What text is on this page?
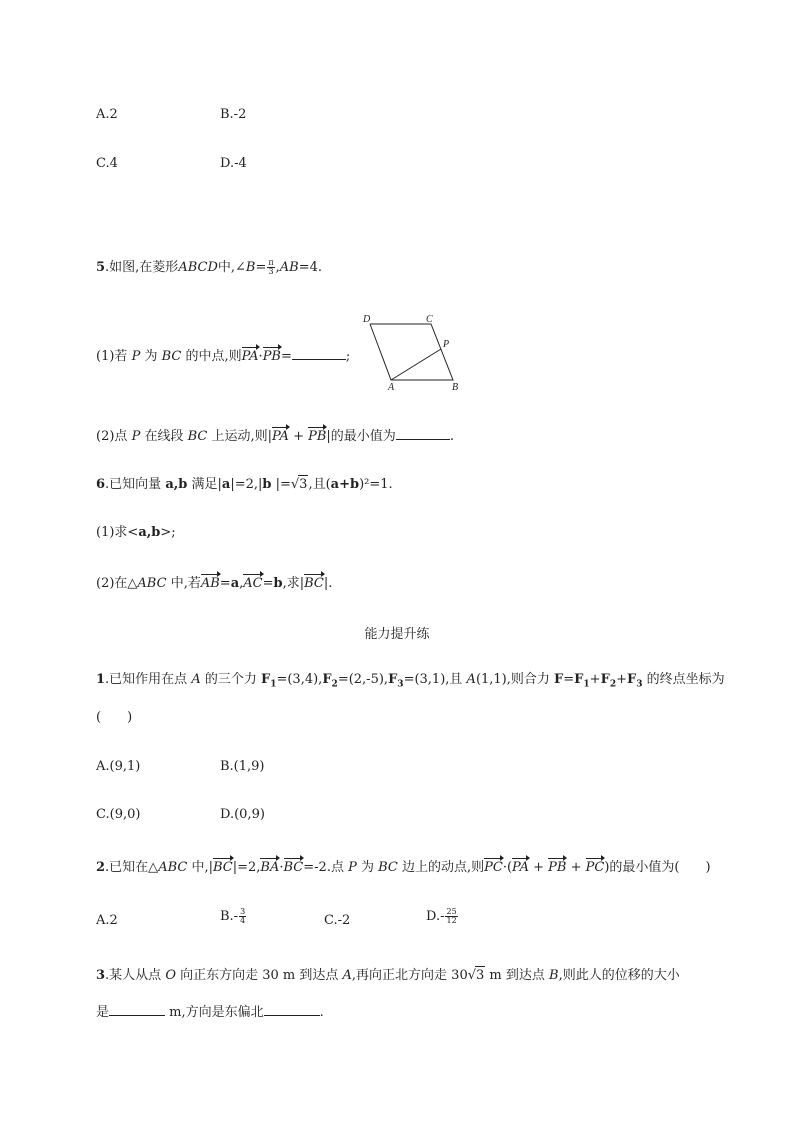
A.2	B.-2
C.4	D.-4
5.如图,在菱形ABCD中,∠B= $\frac{\pi}{3} ,AB=4$.
(1)若 P 为 BC 的中点,则PA·PB=	;
D	C
P
A	B
(2)点 P 在线段 BC 上运动,则|PA + PB|的最小值为	.
6.已知向量 a,b 满足|a|=2,|b |=√3,且(a+b)²=1.
(1)求<a,b>;
(2)在△ABC 中,若AB=a,AC=b,求|BC|.
能力提升练
1.已知作用在点 A 的三个力 $F_1=(3,4),F_2=(2,-5),F_3=(3,1)$,且 A(1,1),则合力 $F=F_1+F_2+F_3$ 的终点坐标为
(　　)
A.(9,1)	B.(1,9)
C.(9,0)	D.(0,9)
2.已知在△ABC 中,|BC|=2,BA·BC=-2.点 P 为 BC 边上的动点,则PC·(PA + PB + PC)的最小值为(　　)
A.2	$B.- \frac{3}{4}$	C.-2	$D.- \frac{25}{12}$
3.某人从点 O 向正东方向走 30 m 到达点 A,再向正北方向走 30√3 m 到达点 B,则此人的位移的大小
是	m,方向是东偏北	.
